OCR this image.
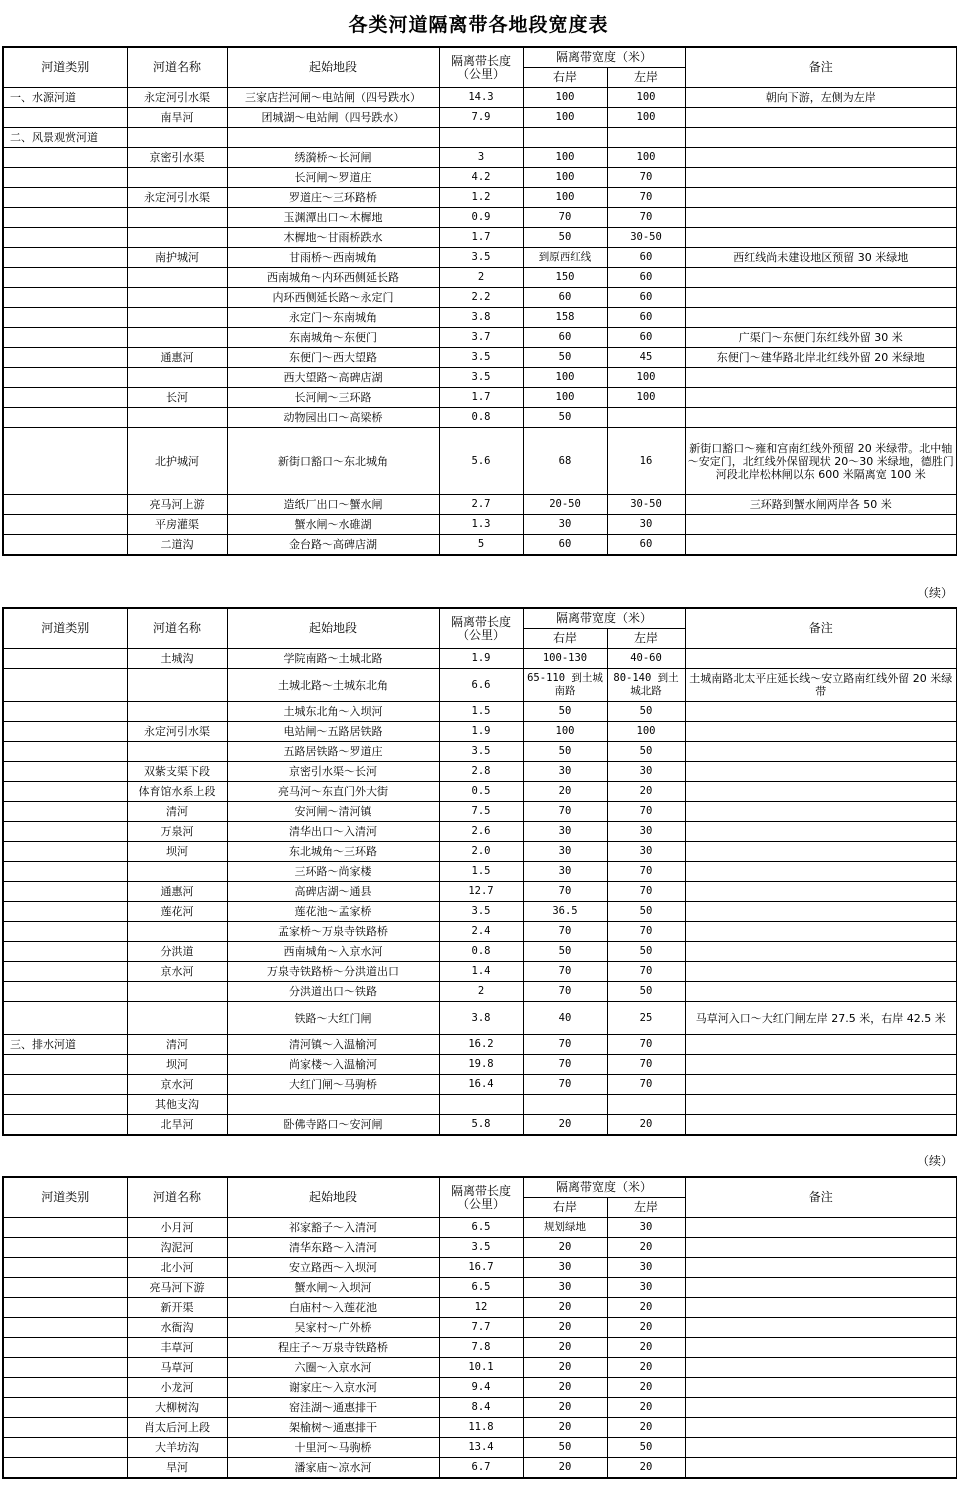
各类河道隔离带各地段宽度表
河道类别	河道名称	起始地段	隔离带长度（公里）	隔离带宽度（米）		备注
				右岸	左岸	
一、水源河道	永定河引水渠	三家店拦河闸～电站闸（四号跌水）	14.3	100	100	朝向下游，左侧为左岸
	南旱河	团城湖～电站闸（四号跌水）	7.9	100	100	
二、风景观赏河道						
	京密引水渠	绣漪桥～长河闸	3	100	100	
		长河闸～罗道庄	4.2	100	70	
	永定河引水渠	罗道庄～三环路桥	1.2	100	70	
		玉渊潭出口～木樨地	0.9	70	70	
		木樨地～甘雨桥跌水	1.7	50	30-50	
	南护城河	甘雨桥～西南城角	3.5	到原西红线	60	西红线尚未建设地区预留 30 米绿地
		西南城角～内环西侧延长路	2	150	60	
		内环西侧延长路～永定门	2.2	60	60	
		永定门～东南城角	3.8	158	60	
		东南城角～东便门	3.7	60	60	广渠门～东便门东红线外留 30 米
	通惠河	东便门～西大望路	3.5	50	45	东便门～建华路北岸北红线外留 20 米绿地
		西大望路～高碑店湖	3.5	100	100	
	长河	长河闸～三环路	1.7	100	100	
		动物园出口～高梁桥	0.8	50		
	北护城河	新街口豁口～东北城角	5.6	68	16	新街口豁口～雍和宫南红线外预留 20 米绿带。北中轴～安定门，北红线外保留现状 20～30 米绿地，德胜门河段北岸松林闸以东 600 米隔离宽 100 米
	亮马河上游	造纸厂出口～蟹水闸	2.7	20-50	30-50	三环路到蟹水闸两岸各 50 米
	平房灌渠	蟹水闸～水碓湖	1.3	30	30	
	二道沟	金台路～高碑店湖	5	60	60	
（续）
河道类别	河道名称	起始地段	隔离带长度（公里）	隔离带宽度（米）		备注
				右岸	左岸	
	土城沟	学院南路～土城北路	1.9	100-130	40-60	
		土城北路～土城东北角	6.6	65-110 到土城南路	80-140 到土城北路	土城南路北太平庄延长线～安立路南红线外留 20 米绿带
		土城东北角～入坝河	1.5	50	50	
	永定河引水渠	电站闸～五路居铁路	1.9	100	100	
		五路居铁路～罗道庄	3.5	50	50	
	双紫支渠下段	京密引水渠～长河	2.8	30	30	
	体育馆水系上段	亮马河～东直门外大街	0.5	20	20	
	清河	安河闸～清河镇	7.5	70	70	
	万泉河	清华出口～入清河	2.6	30	30	
	坝河	东北城角～三环路	2.0	30	30	
		三环路～尚家楼	1.5	30	70	
	通惠河	高碑店湖～通县	12.7	70	70	
	莲花河	莲花池～孟家桥	3.5	36.5	50	
		孟家桥～万泉寺铁路桥	2.4	70	70	
	分洪道	西南城角～入京水河	0.8	50	50	
	京水河	万泉寺铁路桥～分洪道出口	1.4	70	70	
		分洪道出口～铁路	2	70	50	
		铁路～大红门闸	3.8	40	25	马草河入口～大红门闸左岸 27.5 米，右岸 42.5 米
三、排水河道	清河	清河镇～入温榆河	16.2	70	70	
	坝河	尚家楼～入温榆河	19.8	70	70	
	京水河	大红门闸～马驹桥	16.4	70	70	
	其他支沟					
	北旱河	卧佛寺路口～安河闸	5.8	20	20	
（续）
河道类别	河道名称	起始地段	隔离带长度（公里）	隔离带宽度（米）		备注
				右岸	左岸	
	小月河	祁家豁子～入清河	6.5	规划绿地	30	
	沟泥河	清华东路～入清河	3.5	20	20	
	北小河	安立路西～入坝河	16.7	30	30	
	亮马河下游	蟹水闸～入坝河	6.5	30	30	
	新开渠	白庙村～入莲花池	12	20	20	
	水衙沟	吴家村～广外桥	7.7	20	20	
	丰草河	程庄子～万泉寺铁路桥	7.8	20	20	
	马草河	六圈～入京水河	10.1	20	20	
	小龙河	谢家庄～入京水河	9.4	20	20	
	大柳树沟	窑洼湖～通惠排干	8.4	20	20	
	肖太后河上段	架榆树～通惠排干	11.8	20	20	
	大羊坊沟	十里河～马驹桥	13.4	50	50	
	旱河	潘家庙～凉水河	6.7	20	20	
